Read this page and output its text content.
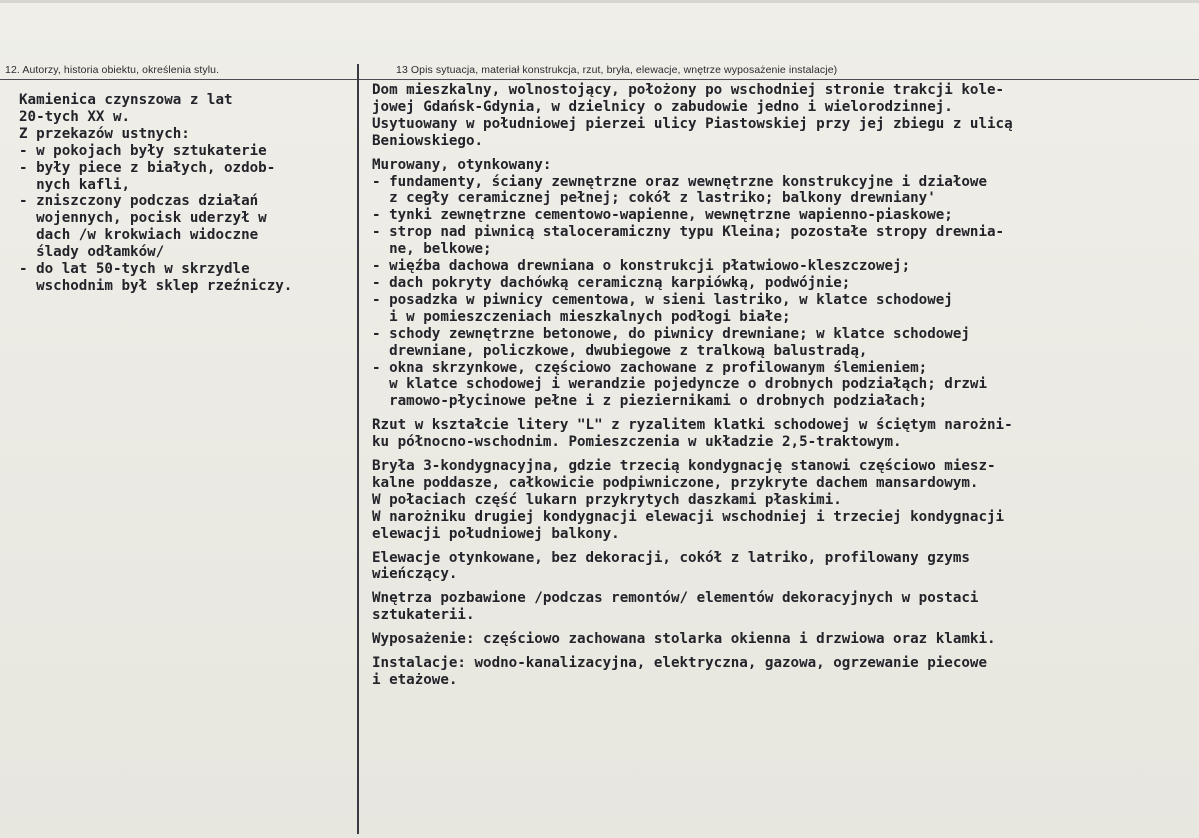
12. Autorzy, historia obiektu, określenia stylu.	13 Opis sytuacja, materiał konstrukcja, rzut, bryła, elewacje, wnętrze wyposażenie instalacje)
Kamienica czynszowa z lat
20-tych XX w.
Z przekazów ustnych:
- w pokojach były sztukaterie
- były piece z białych, ozdob-
nych kafli,
- zniszczony podczas działań
wojennych, pocisk uderzył w
dach /w krokwiach widoczne
ślady odłamków/
- do lat 50-tych w skrzydle
wschodnim był sklep rzeźniczy.
Dom mieszkalny, wolnostojący, położony po wschodniej stronie trakcji kole-
jowej Gdańsk-Gdynia, w dzielnicy o zabudowie jedno i wielorodzinnej.
Usytuowany w południowej pierzei ulicy Piastowskiej przy jej zbiegu z ulicą
Beniowskiego.
Murowany, otynkowany:
- fundamenty, ściany zewnętrzne oraz wewnętrzne konstrukcyjne i działowe
z cegły ceramicznej pełnej; cokół z lastriko; balkony drewniany'
- tynki zewnętrzne cementowo-wapienne, wewnętrzne wapienno-piaskowe;
- strop nad piwnicą staloceramiczny typu Kleina; pozostałe stropy drewnia-
ne, belkowe;
- więźba dachowa drewniana o konstrukcji płatwiowo-kleszczowej;
- dach pokryty dachówką ceramiczną karpiówką, podwójnie;
- posadzka w piwnicy cementowa, w sieni lastriko, w klatce schodowej
i w pomieszczeniach mieszkalnych podłogi białe;
- schody zewnętrzne betonowe, do piwnicy drewniane; w klatce schodowej
drewniane, policzkowe, dwubiegowe z tralkową balustradą,
- okna skrzynkowe, częściowo zachowane z profilowanym ślemieniem;
w klatce schodowej i werandzie pojedyncze o drobnych podziałąch; drzwi
ramowo-płycinowe pełne i z pieziernikami o drobnych podziałach;
Rzut w kształcie litery "L" z ryzalitem klatki schodowej w ściętym narożni-
ku północno-wschodnim. Pomieszczenia w układzie 2,5-traktowym.
Bryła 3-kondygnacyjna, gdzie trzecią kondygnację stanowi częściowo miesz-
kalne poddasze, całkowicie podpiwniczone, przykryte dachem mansardowym.
W połaciach część lukarn przykrytych daszkami płaskimi.
W narożniku drugiej kondygnacji elewacji wschodniej i trzeciej kondygnacji
elewacji południowej balkony.
Elewacje otynkowane, bez dekoracji, cokół z latriko, profilowany gzyms
wieńczący.
Wnętrza pozbawione /podczas remontów/ elementów dekoracyjnych w postaci
sztukaterii.
Wyposażenie: częściowo zachowana stolarka okienna i drzwiowa oraz klamki.
Instalacje: wodno-kanalizacyjna, elektryczna, gazowa, ogrzewanie piecowe
i etażowe.
